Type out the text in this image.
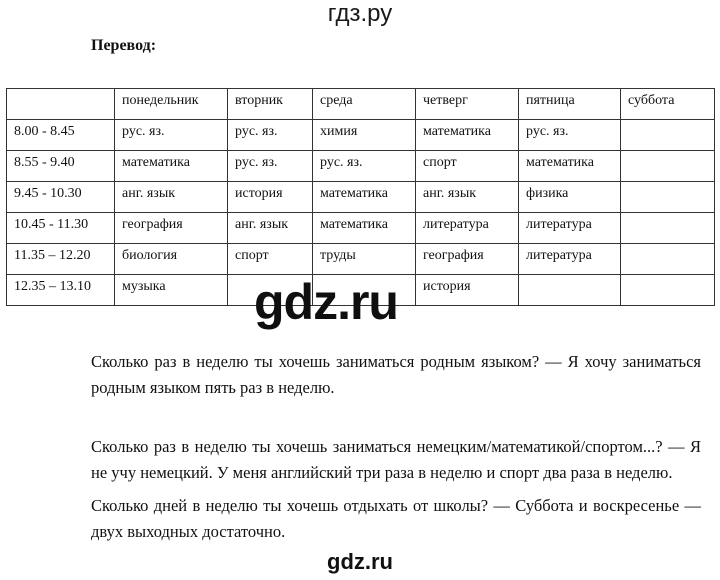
гдз.ру
Перевод:
	понедельник	вторник	среда	четверг	пятница	суббота
8.00 - 8.45	рус. яз.	рус. яз.	химия	математика	рус. яз.	
8.55 - 9.40	математика	рус. яз.	рус. яз.	спорт	математика	
9.45 - 10.30	анг. язык	история	математика	анг. язык	физика	
10.45 - 11.30	география	анг. язык	математика	литература	литература	
11.35 – 12.20	биология	спорт	труды	география	литература	
12.35 – 13.10	музыка			история		
gdz.ru
Сколько раз в неделю ты хочешь заниматься родным языком? — Я хочу заниматься родным языком пять раз в неделю.
Сколько раз в неделю ты хочешь заниматься немецким/математикой/спортом...? — Я не учу немецкий. У меня английский три раза в неделю и спорт два раза в неделю.
Сколько дней в неделю ты хочешь отдыхать от школы? — Суббота и воскресенье — двух выходных достаточно.
gdz.ru
